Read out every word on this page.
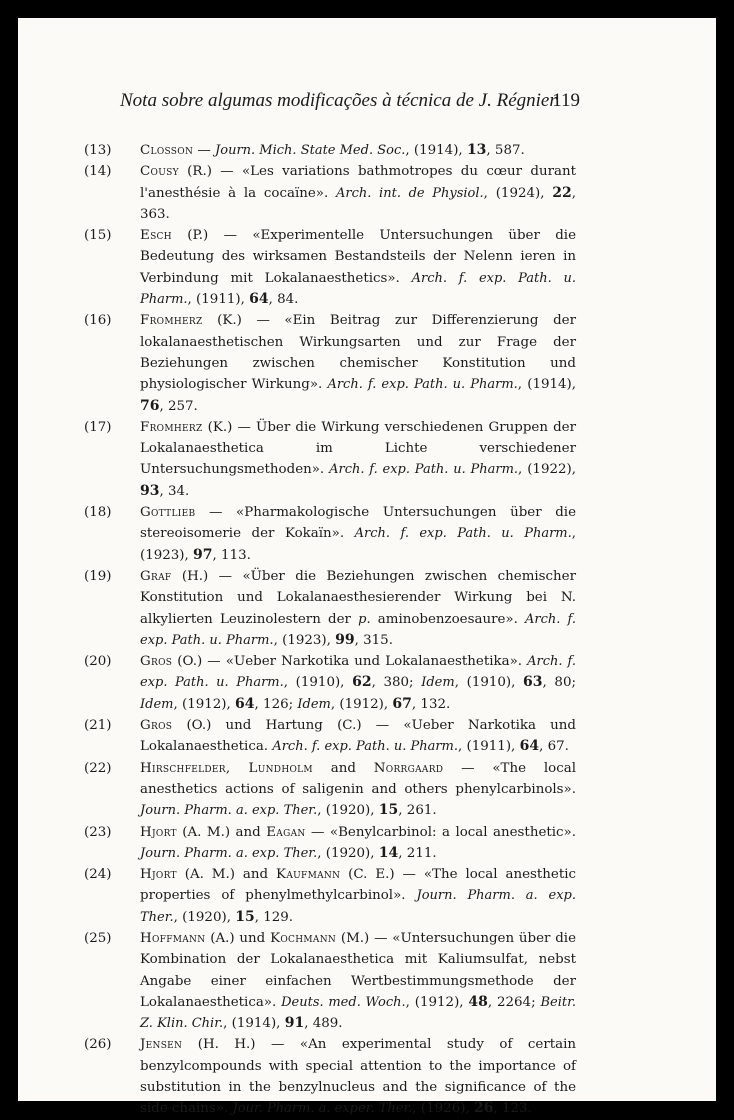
Nota sobre algumas modificações à técnica de J. Régnier
119

(13)	Closson — Journ. Mich. State Med. Soc., (1914), 13, 587.

(14)	Cousy (R.) — «Les variations bathmotropes du cœur durant l'anesthésie à la cocaïne». Arch. int. de Physiol., (1924), 22, 363.

(15)	Esch (P.) — «Experimentelle Untersuchungen über die Bedeutung des wirksamen Bestandsteils der Nelenn ieren in Verbindung mit Lokalanaesthetics». Arch. f. exp. Path. u. Pharm., (1911), 64, 84.

(16)	Fromherz (K.) — «Ein Beitrag zur Differenzierung der lokalanaesthetischen Wirkungsarten und zur Frage der Beziehungen zwischen chemischer Konstitution und physiologischer Wirkung». Arch. f. exp. Path. u. Pharm., (1914), 76, 257.

(17)	Fromherz (K.) — Über die Wirkung verschiedenen Gruppen der Lokalanaesthetica im Lichte verschiedener Untersuchungsmethoden». Arch. f. exp. Path. u. Pharm., (1922), 93, 34.

(18)	Gottlieb — «Pharmakologische Untersuchungen über die stereoisomerie der Kokaïn». Arch. f. exp. Path. u. Pharm., (1923), 97, 113.

(19)	Graf (H.) — «Über die Beziehungen zwischen chemischer Konstitution und Lokalanaesthesierender Wirkung bei N. alkylierten Leuzinolestern der p. aminobenzoesaure». Arch. f. exp. Path. u. Pharm., (1923), 99, 315.

(20)	Gros (O.) — «Ueber Narkotika und Lokalanaesthetika». Arch. f. exp. Path. u. Pharm., (1910), 62, 380; Idem, (1910), 63, 80; Idem, (1912), 64, 126; Idem, (1912), 67, 132.

(21)	Gros (O.) und Hartung (C.) — «Ueber Narkotika und Lokalanaesthetica. Arch. f. exp. Path. u. Pharm., (1911), 64, 67.

(22)	Hirschfelder, Lundholm and Norrgaard — «The local anesthetics actions of saligenin and others phenylcarbinols». Journ. Pharm. a. exp. Ther., (1920), 15, 261.

(23)	Hjort (A. M.) and Eagan — «Benylcarbinol: a local anesthetic». Journ. Pharm. a. exp. Ther., (1920), 14, 211.

(24)	Hjort (A. M.) and Kaufmann (C. E.) — «The local anesthetic properties of phenylmethylcarbinol». Journ. Pharm. a. exp. Ther., (1920), 15, 129.

(25)	Hoffmann (A.) und Kochmann (M.) — «Untersuchungen über die Kombination der Lokalanaesthetica mit Kaliumsulfat, nebst Angabe einer einfachen Wertbestimmungsmethode der Lokalanaesthetica». Deuts. med. Woch., (1912), 48, 2264; Beitr. Z. Klin. Chir., (1914), 91, 489.

(26)	Jensen (H. H.) — «An experimental study of certain benzylcompounds with special attention to the importance of substitution in the benzylnucleus and the significance of the side chains». Jour. Pharm. a. exper. Ther., (1926), 26, 123.
